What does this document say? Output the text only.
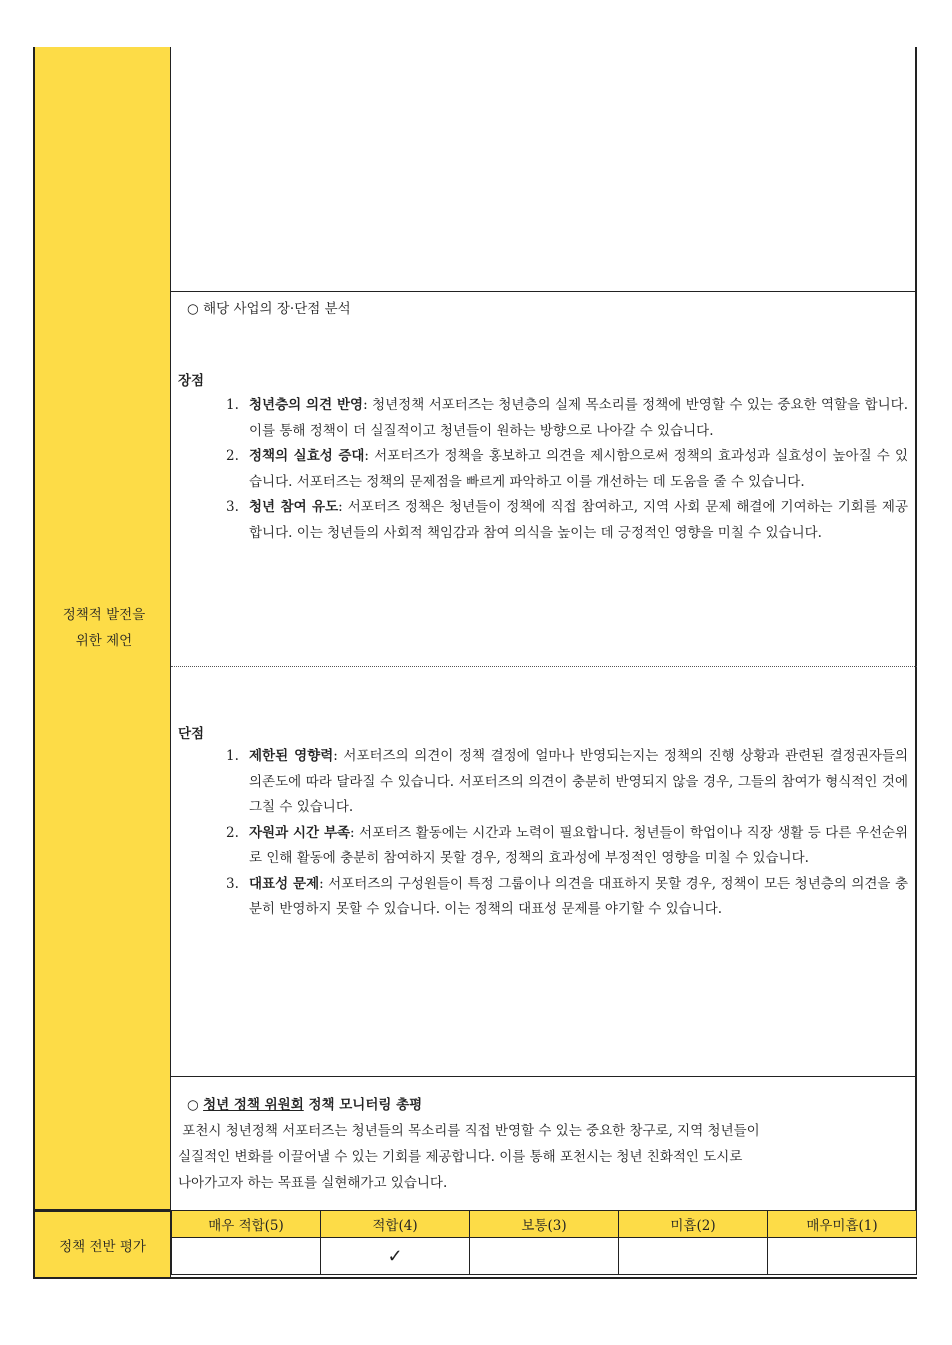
정책적 발전을
위한 제언
○ 해당 사업의 장·단점 분석
장점
1. 청년층의 의견 반영: 청년정책 서포터즈는 청년층의 실제 목소리를 정책에 반영할 수 있는 중요한 역할을 합니다. 이를 통해 정책이 더 실질적이고 청년들이 원하는 방향으로 나아갈 수 있습니다.
2. 정책의 실효성 증대: 서포터즈가 정책을 홍보하고 의견을 제시함으로써 정책의 효과성과 실효성이 높아질 수 있습니다. 서포터즈는 정책의 문제점을 빠르게 파악하고 이를 개선하는 데 도움을 줄 수 있습니다.
3. 청년 참여 유도: 서포터즈 정책은 청년들이 정책에 직접 참여하고, 지역 사회 문제 해결에 기여하는 기회를 제공합니다. 이는 청년들의 사회적 책임감과 참여 의식을 높이는 데 긍정적인 영향을 미칠 수 있습니다.
단점
1. 제한된 영향력: 서포터즈의 의견이 정책 결정에 얼마나 반영되는지는 정책의 진행 상황과 관련된 결정권자들의 의존도에 따라 달라질 수 있습니다. 서포터즈의 의견이 충분히 반영되지 않을 경우, 그들의 참여가 형식적인 것에 그칠 수 있습니다.
2. 자원과 시간 부족: 서포터즈 활동에는 시간과 노력이 필요합니다. 청년들이 학업이나 직장 생활 등 다른 우선순위로 인해 활동에 충분히 참여하지 못할 경우, 정책의 효과성에 부정적인 영향을 미칠 수 있습니다.
3. 대표성 문제: 서포터즈의 구성원들이 특정 그룹이나 의견을 대표하지 못할 경우, 정책이 모든 청년층의 의견을 충분히 반영하지 못할 수 있습니다. 이는 정책의 대표성 문제를 야기할 수 있습니다.
○ 청년 정책 위원회 정책 모니터링 총평
포천시 청년정책 서포터즈는 청년들의 목소리를 직접 반영할 수 있는 중요한 창구로, 지역 청년들이
실질적인 변화를 이끌어낼 수 있는 기회를 제공합니다. 이를 통해 포천시는 청년 친화적인 도시로
나아가고자 하는 목표를 실현해가고 있습니다.
정책 전반 평가
매우 적합(5)	적합(4)	보통(3)	미흡(2)	매우미흡(1)
	✓			
